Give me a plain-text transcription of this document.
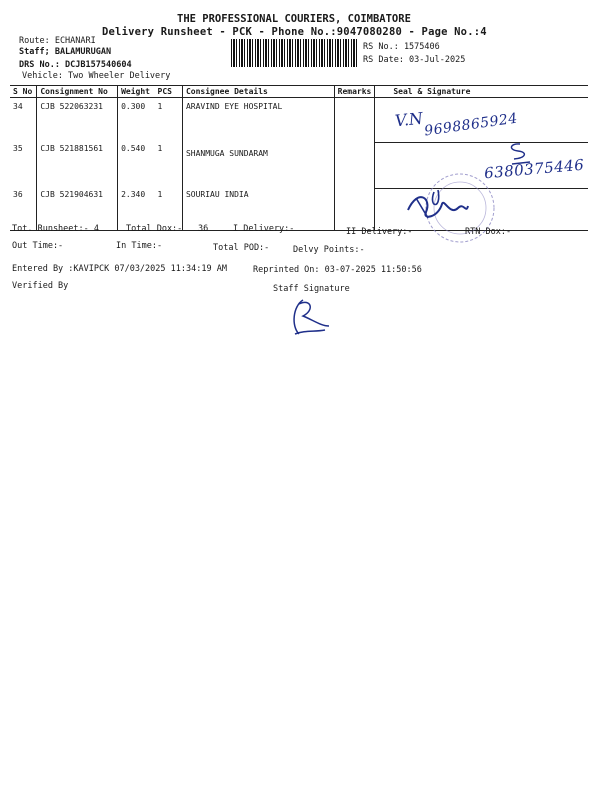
THE PROFESSIONAL COURIERS, COIMBATORE
Delivery Runsheet - PCK - Phone No.:9047080280 - Page No.:4
Route: ECHANARI
Staff; BALAMURUGAN
DRS No.: DCJB157540604
Vehicle: Two Wheeler Delivery
RS No.: 1575406
RS Date: 03-Jul-2025
S No	Consignment No	Weight	PCS	Consignee Details	Remarks	Seal & Signature
34	CJB 522063231	0.300	1	ARAVIND EYE HOSPITAL		
35	CJB 521881561	0.540	1	SHANMUGA SUNDARAM		
36	CJB 521904631	2.340	1	SOURIAU INDIA		
V.N 9698865924
6380375446
Tot. Runsheet:- 4	Total Dox:- 36	I Delivery:-	II Delivery:-	RTN Dox:-
Out Time:-	In Time:-	Total POD:-	Delvy Points:-
Entered By :KAVIPCK 07/03/2025 11:34:19 AM	Reprinted On: 03-07-2025 11:50:56
Verified By	Staff Signature
